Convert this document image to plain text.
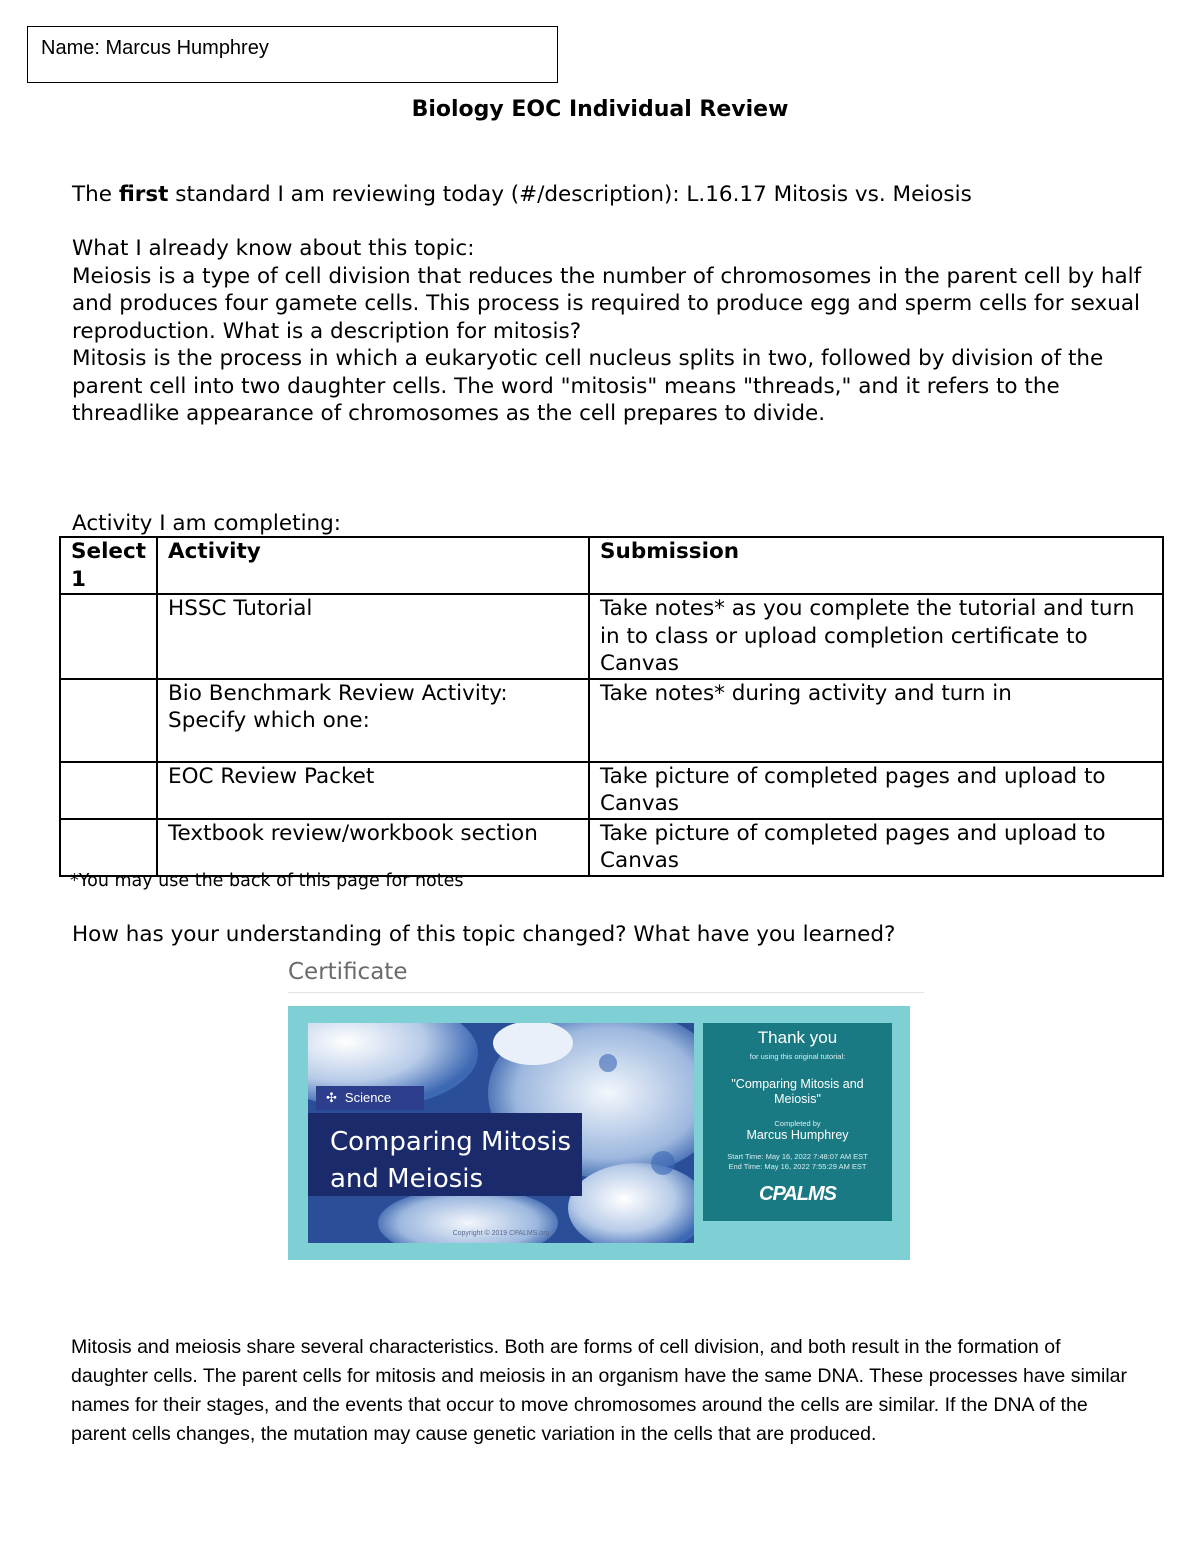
Name: Marcus Humphrey
Biology EOC Individual Review
The first standard I am reviewing today (#/description): L.16.17 Mitosis vs. Meiosis
What I already know about this topic:
Meiosis is a type of cell division that reduces the number of chromosomes in the parent cell by half and produces four gamete cells. This process is required to produce egg and sperm cells for sexual reproduction. What is a description for mitosis?
Mitosis is the process in which a eukaryotic cell nucleus splits in two, followed by division of the parent cell into two daughter cells. The word "mitosis" means "threads," and it refers to the threadlike appearance of chromosomes as the cell prepares to divide.
Activity I am completing:
Select 1	Activity	Submission
	HSSC Tutorial	Take notes* as you complete the tutorial and turn in to class or upload completion certificate to Canvas
	Bio Benchmark Review Activity: Specify which one:	Take notes* during activity and turn in
	EOC Review Packet	Take picture of completed pages and upload to Canvas
	Textbook review/workbook section	Take picture of completed pages and upload to Canvas
*You may use the back of this page for notes
How has your understanding of this topic changed? What have you learned?
Certificate
✣ Science
Comparing Mitosis and Meiosis
Copyright © 2019 CPALMS.org
Thank you
for using this original tutorial:
"Comparing Mitosis and Meiosis"
Completed by
Marcus Humphrey
Start Time: May 16, 2022 7:48:07 AM EST
End Time: May 16, 2022 7:55:29 AM EST
CPALMS
Mitosis and meiosis share several characteristics. Both are forms of cell division, and both result in the formation of daughter cells. The parent cells for mitosis and meiosis in an organism have the same DNA. These processes have similar names for their stages, and the events that occur to move chromosomes around the cells are similar. If the DNA of the parent cells changes, the mutation may cause genetic variation in the cells that are produced.
